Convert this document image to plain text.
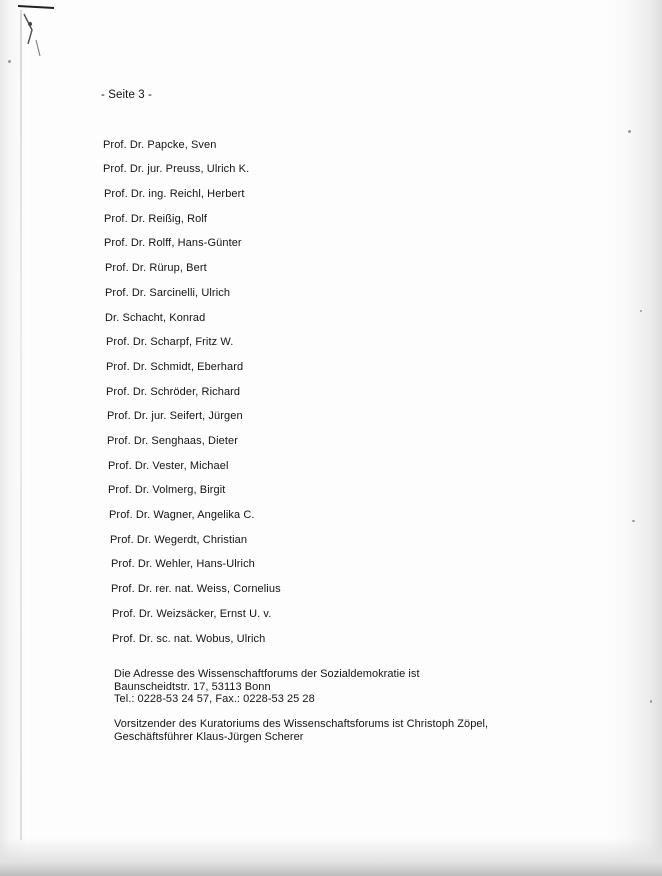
- Seite 3 -
Prof. Dr. Papcke, Sven
Prof. Dr. jur. Preuss, Ulrich K.
Prof. Dr. ing. Reichl, Herbert
Prof. Dr. Reißig, Rolf
Prof. Dr. Rolff, Hans-Günter
Prof. Dr. Rürup, Bert
Prof. Dr. Sarcinelli, Ulrich
Dr. Schacht, Konrad
Prof. Dr. Scharpf, Fritz W.
Prof. Dr. Schmidt, Eberhard
Prof. Dr. Schröder, Richard
Prof. Dr. jur. Seifert, Jürgen
Prof. Dr. Senghaas, Dieter
Prof. Dr. Vester, Michael
Prof. Dr. Volmerg, Birgit
Prof. Dr. Wagner, Angelika C.
Prof. Dr. Wegerdt, Christian
Prof. Dr. Wehler, Hans-Ulrich
Prof. Dr. rer. nat. Weiss, Cornelius
Prof. Dr. Weizsäcker, Ernst U. v.
Prof. Dr. sc. nat. Wobus, Ulrich
Die Adresse des Wissenschaftforums der Sozialdemokratie ist
Baunscheidtstr. 17, 53113 Bonn
Tel.: 0228-53 24 57, Fax.: 0228-53 25 28
Vorsitzender des Kuratoriums des Wissenschaftsforums ist Christoph Zöpel,
Geschäftsführer Klaus-Jürgen Scherer
